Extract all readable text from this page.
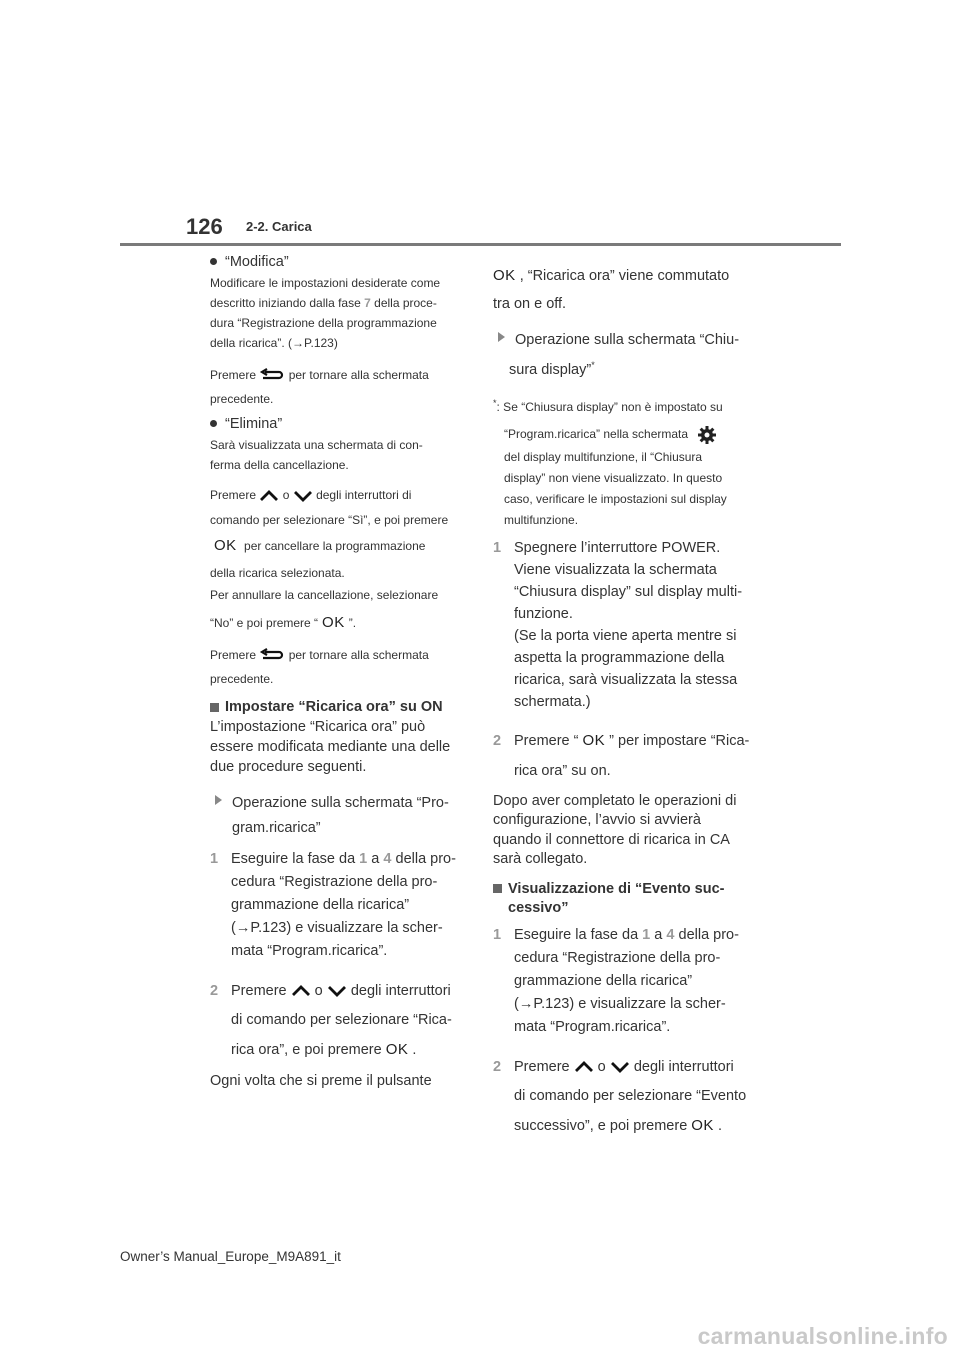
126 2-2. Carica

“Modifica”

Modificare le impostazioni desiderate come
descritto iniziando dalla fase 7 della proce-
dura “Registrazione della programmazione
della ricarica”. (→P.123)
Premere	per tornare alla schermata
precedente.

“Elimina”

Sarà visualizzata una schermata di con-
ferma della cancellazione.
Premere o degli interruttori di
comando per selezionare “Sì”, e poi premere
OK per cancellare la programmazione
della ricarica selezionata.
Per annullare la cancellazione, selezionare
“No” e poi premere “ OK ”.
Premere	per tornare alla schermata
precedente.
Impostare “Ricarica ora” su ON
L’impostazione “Ricarica ora” può
essere modificata mediante una delle
due procedure seguenti.
Operazione sulla schermata “Pro-
gram.ricarica”
1 Eseguire la fase da 1 a 4 della pro-
cedura “Registrazione della pro-
grammazione della ricarica”
(→P.123) e visualizzare la scher-
mata “Program.ricarica”.
2 Premere o degli interruttori
di comando per selezionare “Rica-
rica ora”, e poi premere OK .
Ogni volta che si preme il pulsante
OK , “Ricarica ora” viene commutato
tra on e off.
Operazione sulla schermata “Chiu-
sura display”*
*: Se “Chiusura display” non è impostato su
“Program.ricarica” nella schermata
del display multifunzione, il “Chiusura
display” non viene visualizzato. In questo
caso, verificare le impostazioni sul display
multifunzione.
1 Spegnere l’interruttore POWER.
Viene visualizzata la schermata
“Chiusura display” sul display multi-
funzione.
(Se la porta viene aperta mentre si
aspetta la programmazione della
ricarica, sarà visualizzata la stessa
schermata.)
2 Premere “ OK ” per impostare “Rica-
rica ora” su on.
Dopo aver completato le operazioni di
configurazione, l’avvio si avvierà
quando il connettore di ricarica in CA
sarà collegato.
Visualizzazione di “Evento suc-
cessivo”
1 Eseguire la fase da 1 a 4 della pro-
cedura “Registrazione della pro-
grammazione della ricarica”
(→P.123) e visualizzare la scher-
mata “Program.ricarica”.
2 Premere o degli interruttori
di comando per selezionare “Evento
successivo”, e poi premere OK .
Owner’s Manual_Europe_M9A891_it
carmanualsonline.info
